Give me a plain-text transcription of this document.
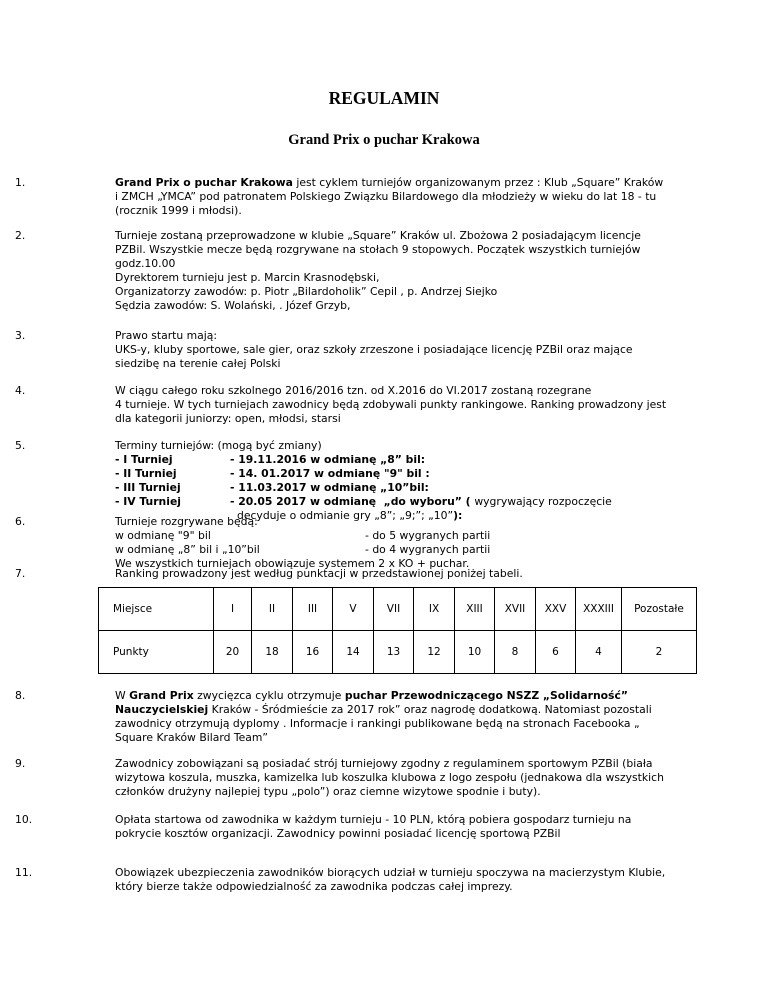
REGULAMIN
Grand Prix o puchar Krakowa
1.	Grand Prix o puchar Krakowa jest cyklem turniejów organizowanym przez : Klub „Square” Kraków
i ZMCH „YMCA” pod patronatem Polskiego Związku Bilardowego dla młodzieży w wieku do lat 18 - tu
(rocznik 1999 i młodsi).
2.	Turnieje zostaną przeprowadzone w klubie „Square” Kraków ul. Zbożowa 2 posiadającym licencje
PZBil. Wszystkie mecze będą rozgrywane na stołach 9 stopowych. Początek wszystkich turniejów
godz.10.00
Dyrektorem turnieju jest p. Marcin Krasnodębski,
Organizatorzy zawodów: p. Piotr „Bilardoholik” Cepil , p. Andrzej Siejko
Sędzia zawodów: S. Wolański, . Józef Grzyb,
3.	Prawo startu mają:
UKS-y, kluby sportowe, sale gier, oraz szkoły zrzeszone i posiadające licencję PZBil oraz mające
siedzibę na terenie całej Polski
4.	W ciągu całego roku szkolnego 2016/2016 tzn. od X.2016 do VI.2017 zostaną rozegrane
4 turnieje. W tych turniejach zawodnicy będą zdobywali punkty rankingowe. Ranking prowadzony jest
dla kategorii juniorzy: open, młodsi, starsi
5.	Terminy turniejów: (mogą być zmiany)
- I Turniej	- 19.11.2016 w odmianę „8” bil:
- II Turniej	- 14. 01.2017 w odmianę "9" bil :
- III Turniej	- 11.03.2017 w odmianę „10”bil:
- IV Turniej	- 20.05 2017 w odmianę  „do wyboru” ( wygrywający rozpoczęcie
decyduje o odmianie gry „8”; „9;”; „10”):
6.	Turnieje rozgrywane będą:
w odmianę "9" bil	- do 5 wygranych partii
w odmianę „8” bil i „10”bil	- do 4 wygranych partii
We wszystkich turniejach obowiązuje systemem 2 x KO + puchar.
7.	Ranking prowadzony jest według punktacji w przedstawionej poniżej tabeli.
Miejsce	I	II	III	V	VII	IX	XIII	XVII	XXV	XXXIII	Pozostałe
Punkty	20	18	16	14	13	12	10	8	6	4	2
8.	W Grand Prix zwycięzca cyklu otrzymuje puchar Przewodniczącego NSZZ „Solidarność”
Nauczycielskiej Kraków - Śródmieście za 2017 rok” oraz nagrodę dodatkową. Natomiast pozostali
zawodnicy otrzymują dyplomy . Informacje i rankingi publikowane będą na stronach Facebooka „
Square Kraków Bilard Team”
9.	Zawodnicy zobowiązani są posiadać strój turniejowy zgodny z regulaminem sportowym PZBil (biała
wizytowa koszula, muszka, kamizelka lub koszulka klubowa z logo zespołu (jednakowa dla wszystkich
członków drużyny najlepiej typu „polo”) oraz ciemne wizytowe spodnie i buty).
10.	Opłata startowa od zawodnika w każdym turnieju - 10 PLN, którą pobiera gospodarz turnieju na
pokrycie kosztów organizacji. Zawodnicy powinni posiadać licencję sportową PZBil
11.	Obowiązek ubezpieczenia zawodników biorących udział w turnieju spoczywa na macierzystym Klubie,
który bierze także odpowiedzialność za zawodnika podczas całej imprezy.
